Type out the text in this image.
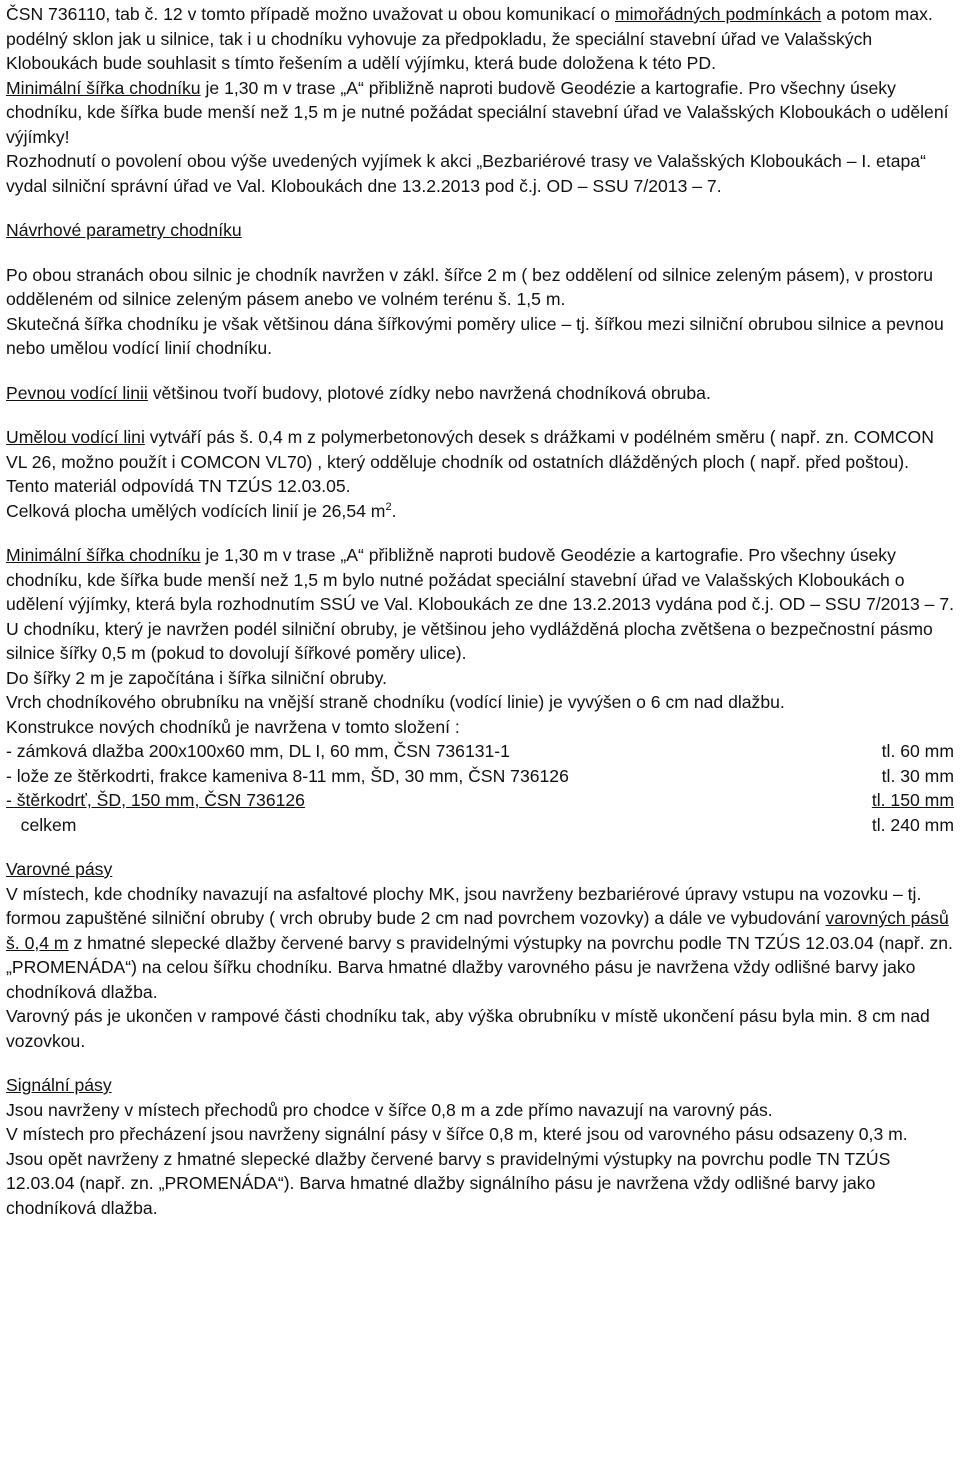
ČSN 736110, tab č. 12 v tomto případě možno uvažovat u obou komunikací o mimořádných podmínkách a potom max. podélný sklon jak u silnice, tak i u chodníku vyhovuje za předpokladu, že speciální stavební úřad ve Valašských Kloboukách bude souhlasit s tímto řešením a udělí výjímku, která bude doložena k této PD.

Minimální šířka chodníku je 1,30 m v trase „A“ přibližně naproti budově Geodézie a kartografie. Pro všechny úseky chodníku, kde šířka bude menší než 1,5 m je nutné požádat speciální stavební úřad ve Valašských Kloboukách o udělení výjímky!

Rozhodnutí o povolení obou výše uvedených vyjímek k akci „Bezbariérové trasy ve Valašských Kloboukách – I. etapa“ vydal silniční správní úřad ve Val. Kloboukách dne 13.2.2013 pod č.j. OD – SSU 7/2013 – 7.

Návrhové parametry chodníku

Po obou stranách obou silnic je chodník navržen v zákl. šířce 2 m ( bez oddělení od silnice zeleným pásem), v prostoru odděleném od silnice zeleným pásem anebo ve volném terénu š. 1,5 m.

Skutečná šířka chodníku je však většinou dána šířkovými poměry ulice – tj. šířkou mezi silniční obrubou silnice a pevnou nebo umělou vodící linií chodníku.

Pevnou vodící linii většinou tvoří budovy, plotové zídky nebo navržená chodníková obruba.

Umělou vodící lini vytváří pás š. 0,4 m z polymerbetonových desek s drážkami v podélném směru ( např. zn. COMCON VL 26, možno použít i COMCON VL70) , který odděluje chodník od ostatních dlážděných ploch ( např. před poštou). Tento materiál odpovídá TN TZÚS 12.03.05.

Celková plocha umělých vodících linií je 26,54 $m^2$.

Minimální šířka chodníku je 1,30 m v trase „A“ přibližně naproti budově Geodézie a kartografie. Pro všechny úseky chodníku, kde šířka bude menší než 1,5 m bylo nutné požádat speciální stavební úřad ve Valašských Kloboukách o udělení výjímky, která byla rozhodnutím SSÚ ve Val. Kloboukách ze dne 13.2.2013 vydána pod č.j. OD – SSU 7/2013 – 7.

U chodníku, který je navržen podél silniční obruby, je většinou jeho vydlážděná plocha zvětšena o bezpečnostní pásmo silnice šířky 0,5 m (pokud to dovolují šířkové poměry ulice).

Do šířky 2 m je započítána i šířka silniční obruby.

Vrch chodníkového obrubníku na vnější straně chodníku (vodící linie) je vyvýšen o 6 cm nad dlažbu.

Konstrukce nových chodníků je navržena v tomto složení :

- zámková dlažba 200x100x60 mm, DL I, 60 mm, ČSN 736131-1	tl. 60 mm
- lože ze štěrkodrti, frakce kameniva 8-11 mm, ŠD, 30 mm, ČSN 736126	tl. 30 mm
- štěrkodrť, ŠD, 150 mm, ČSN 736126	tl. 150 mm
celkem	tl. 240 mm

Varovné pásy

V místech, kde chodníky navazují na asfaltové plochy MK, jsou navrženy bezbariérové úpravy vstupu na vozovku – tj. formou zapuštěné silniční obruby ( vrch obruby bude 2 cm nad povrchem vozovky) a dále ve vybudování varovných pásů š. 0,4 m z hmatné slepecké dlažby červené barvy s pravidelnými výstupky na povrchu podle TN TZÚS 12.03.04 (např. zn. „PROMENÁDA“) na celou šířku chodníku. Barva hmatné dlažby varovného pásu je navržena vždy odlišné barvy jako chodníková dlažba.

Varovný pás je ukončen v rampové části chodníku tak, aby výška obrubníku v místě ukončení pásu byla min. 8 cm nad vozovkou.

Signální pásy

Jsou navrženy v místech přechodů pro chodce v šířce 0,8 m a zde přímo navazují na varovný pás.

V místech pro přecházení jsou navrženy signální pásy v šířce 0,8 m, které jsou od varovného pásu odsazeny 0,3 m.

Jsou opět navrženy z hmatné slepecké dlažby červené barvy s pravidelnými výstupky na povrchu podle TN TZÚS 12.03.04 (např. zn. „PROMENÁDA“). Barva hmatné dlažby signálního pásu je navržena vždy odlišné barvy jako chodníková dlažba.
